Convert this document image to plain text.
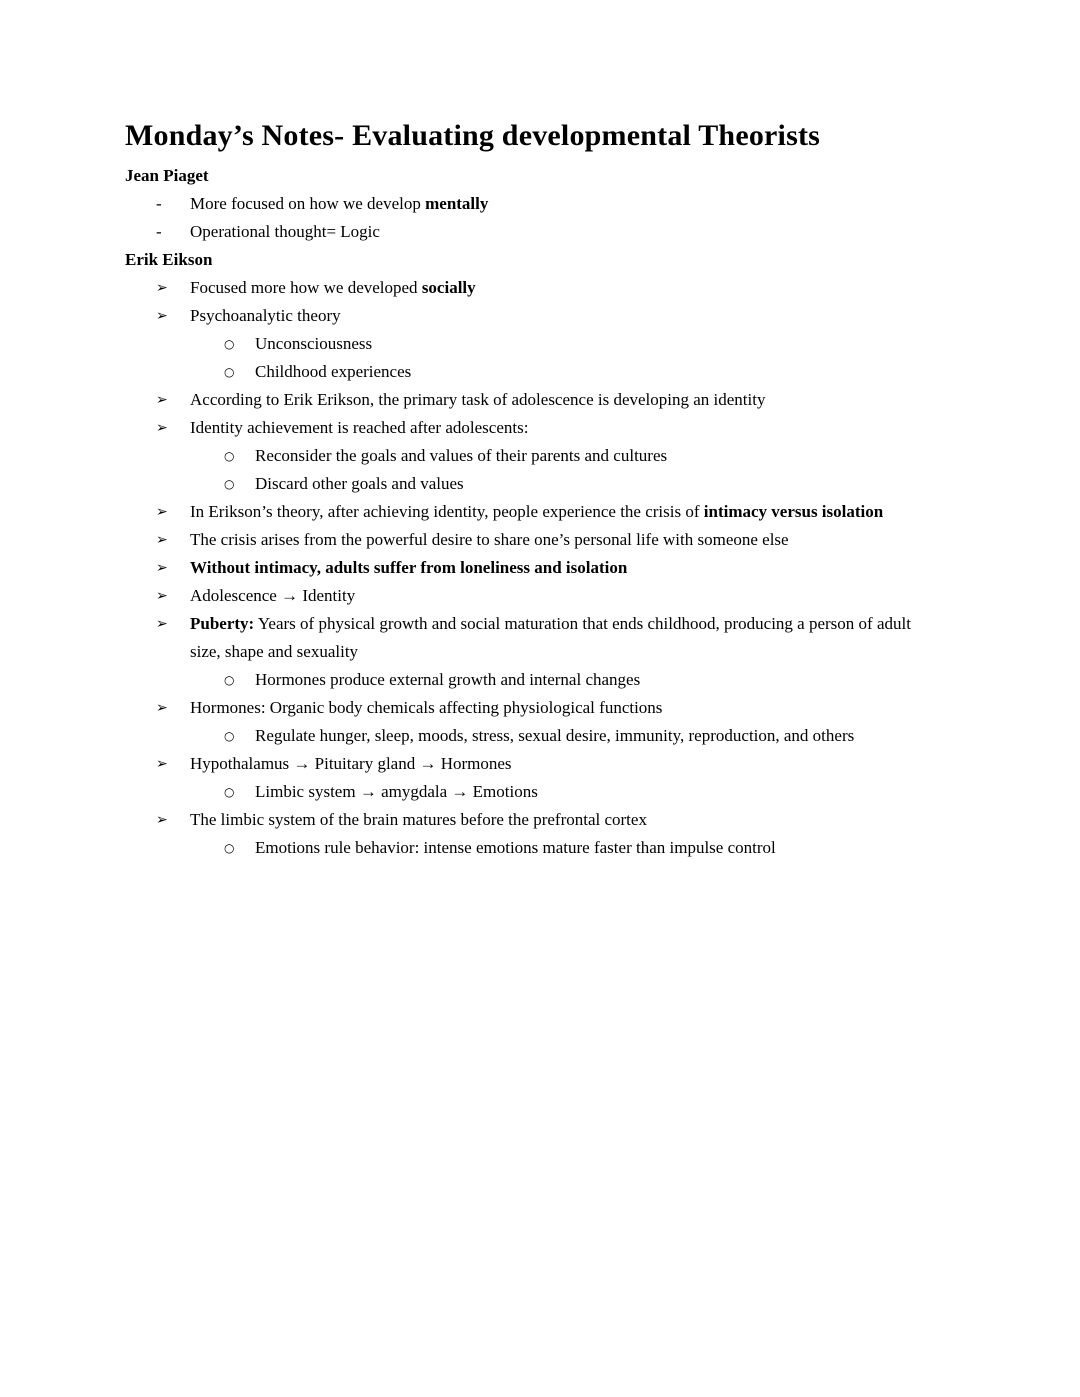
Monday’s Notes- Evaluating developmental Theorists
Jean Piaget
- More focused on how we develop mentally
- Operational thought= Logic
Erik Eikson
➢ Focused more how we developed socially
➢ Psychoanalytic theory
○ Unconsciousness
○ Childhood experiences
➢ According to Erik Erikson, the primary task of adolescence is developing an identity
➢ Identity achievement is reached after adolescents:
○ Reconsider the goals and values of their parents and cultures
○ Discard other goals and values
➢ In Erikson’s theory, after achieving identity, people experience the crisis of intimacy versus isolation
➢ The crisis arises from the powerful desire to share one’s personal life with someone else
➢ Without intimacy, adults suffer from loneliness and isolation
➢ Adolescence → Identity
➢ Puberty: Years of physical growth and social maturation that ends childhood, producing a person of adult size, shape and sexuality
○ Hormones produce external growth and internal changes
➢ Hormones: Organic body chemicals affecting physiological functions
○ Regulate hunger, sleep, moods, stress, sexual desire, immunity, reproduction, and others
➢ Hypothalamus → Pituitary gland → Hormones
○ Limbic system → amygdala → Emotions
➢ The limbic system of the brain matures before the prefrontal cortex
○ Emotions rule behavior: intense emotions mature faster than impulse control
